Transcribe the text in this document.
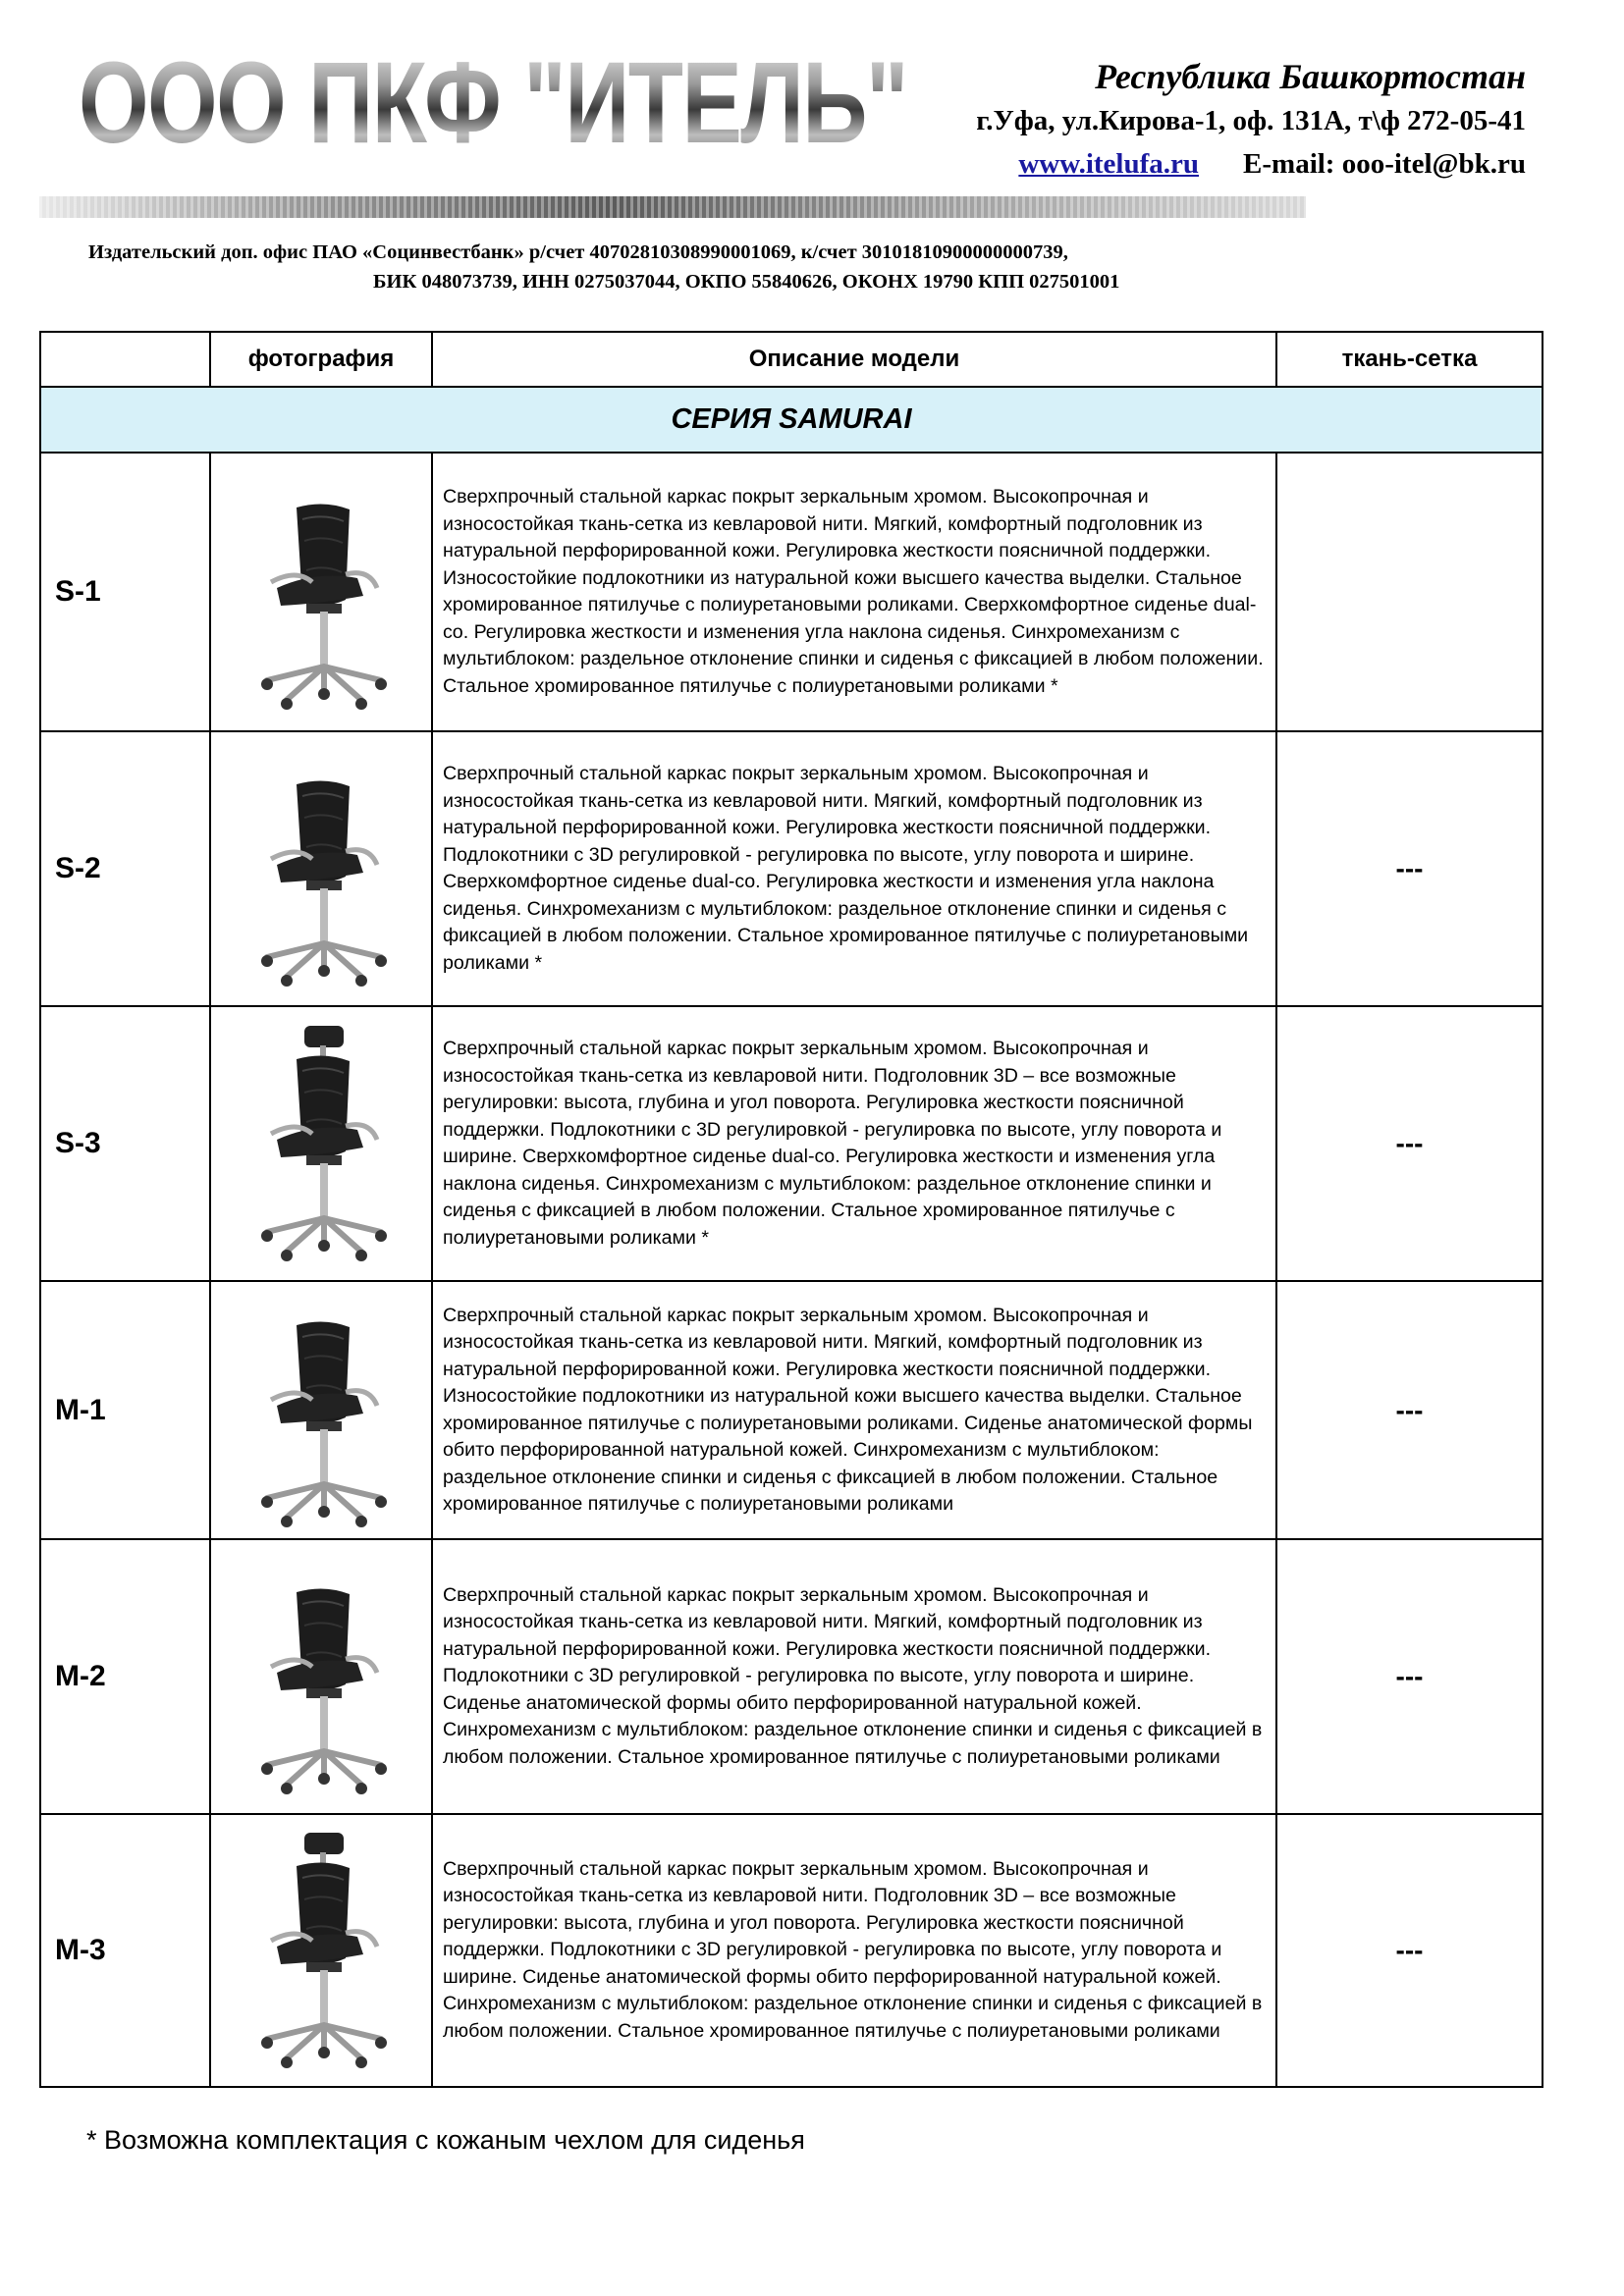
ООО ПКФ "ИТЕЛЬ"	Республика Башкортостан
г.Уфа, ул.Кирова-1, оф. 131А, т\ф 272-05-41
www.itelufa.ru E-mail: ooo-itel@bk.ru
Издательский доп. офис ПАО «Социнвестбанк» р/счет 40702810308990001069, к/счет 30101810900000000739,
БИК 048073739, ИНН 0275037044, ОКПО 55840626, ОКОНХ 19790 КПП 027501001
	фотография	Описание модели	ткань-сетка
СЕРИЯ SAMURAI			
S-1		Сверхпрочный стальной каркас покрыт зеркальным хромом. Высокопрочная и износостойкая ткань-сетка из кевларовой нити. Мягкий, комфортный подголовник из натуральной перфорированной кожи. Регулировка жесткости поясничной поддержки. Износостойкие подлокотники из натуральной кожи высшего качества выделки. Стальное хромированное пятилучье с полиуретановыми роликами. Сверхкомфортное сиденье dual-co. Регулировка жесткости и изменения угла наклона сиденья. Синхромеханизм с мультиблоком: раздельное отклонение спинки и сиденья с фиксацией в любом положении. Стальное хромированное пятилучье с полиуретановыми роликами *	
S-2		Сверхпрочный стальной каркас покрыт зеркальным хромом. Высокопрочная и износостойкая ткань-сетка из кевларовой нити. Мягкий, комфортный подголовник из натуральной перфорированной кожи. Регулировка жесткости поясничной поддержки. Подлокотники с 3D регулировкой - регулировка по высоте, углу поворота и ширине. Сверхкомфортное сиденье dual-co. Регулировка жесткости и изменения угла наклона сиденья. Синхромеханизм с мультиблоком: раздельное отклонение спинки и сиденья с фиксацией в любом положении. Стальное хромированное пятилучье с полиуретановыми роликами *	---
S-3		Сверхпрочный стальной каркас покрыт зеркальным хромом. Высокопрочная и износостойкая ткань-сетка из кевларовой нити. Подголовник 3D – все возможные регулировки: высота, глубина и угол поворота. Регулировка жесткости поясничной поддержки. Подлокотники с 3D регулировкой - регулировка по высоте, углу поворота и ширине. Сверхкомфортное сиденье dual-co. Регулировка жесткости и изменения угла наклона сиденья. Синхромеханизм с мультиблоком: раздельное отклонение спинки и сиденья с фиксацией в любом положении. Стальное хромированное пятилучье с полиуретановыми роликами *	---
M-1		Сверхпрочный стальной каркас покрыт зеркальным хромом. Высокопрочная и износостойкая ткань-сетка из кевларовой нити. Мягкий, комфортный подголовник из натуральной перфорированной кожи. Регулировка жесткости поясничной поддержки. Износостойкие подлокотники из натуральной кожи высшего качества выделки. Стальное хромированное пятилучье с полиуретановыми роликами. Сиденье анатомической формы обито перфорированной натуральной кожей. Синхромеханизм с мультиблоком: раздельное отклонение спинки и сиденья с фиксацией в любом положении. Стальное хромированное пятилучье с полиуретановыми роликами	---
M-2		Сверхпрочный стальной каркас покрыт зеркальным хромом. Высокопрочная и износостойкая ткань-сетка из кевларовой нити. Мягкий, комфортный подголовник из натуральной перфорированной кожи. Регулировка жесткости поясничной поддержки. Подлокотники с 3D регулировкой - регулировка по высоте, углу поворота и ширине. Сиденье анатомической формы обито перфорированной натуральной кожей. Синхромеханизм с мультиблоком: раздельное отклонение спинки и сиденья с фиксацией в любом положении. Стальное хромированное пятилучье с полиуретановыми роликами	---
M-3		Сверхпрочный стальной каркас покрыт зеркальным хромом. Высокопрочная и износостойкая ткань-сетка из кевларовой нити. Подголовник 3D – все возможные регулировки: высота, глубина и угол поворота. Регулировка жесткости поясничной поддержки. Подлокотники с 3D регулировкой - регулировка по высоте, углу поворота и ширине. Сиденье анатомической формы обито перфорированной натуральной кожей. Синхромеханизм с мультиблоком: раздельное отклонение спинки и сиденья с фиксацией в любом положении. Стальное хромированное пятилучье с полиуретановыми роликами	---
* Возможна комплектация с кожаным чехлом для сиденья
